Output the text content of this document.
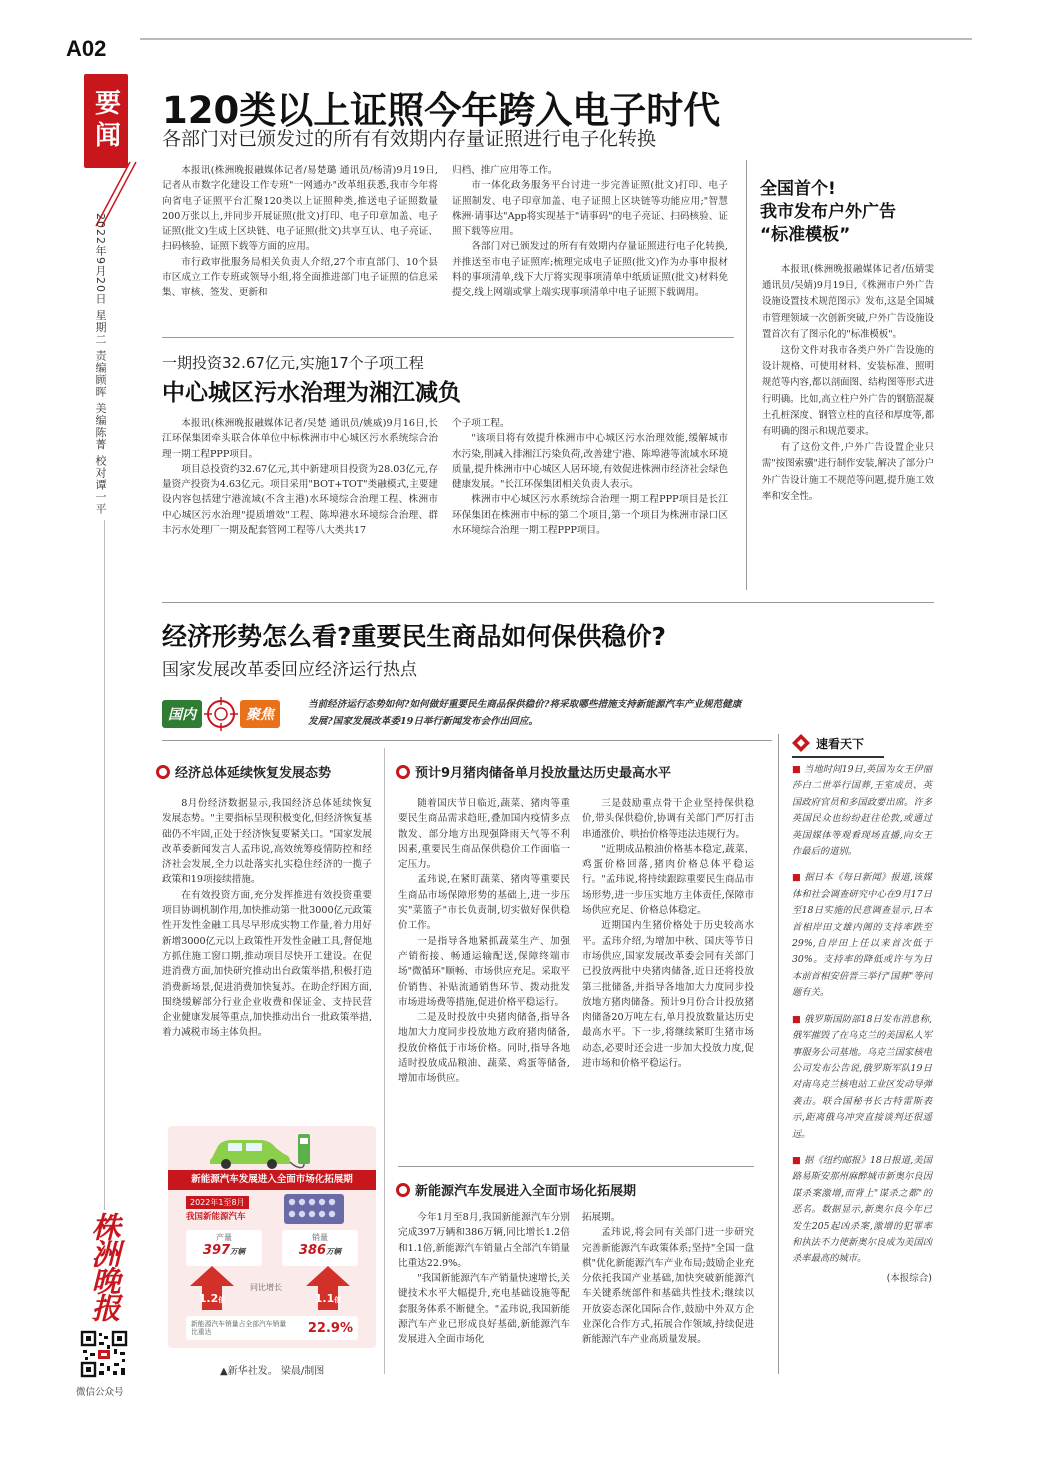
A02
要闻
2022年9月20日 星期二 责编顾晖 美编陈菁 校对谭一平
株洲晚报
微信公众号
120类以上证照今年跨入电子时代
各部门对已颁发过的所有有效期内存量证照进行电子化转换

本报讯(株洲晚报融媒体记者/易楚璐 通讯员/杨清)9月19日,记者从市数字化建设工作专班"一网通办"改革组获悉,我市今年将向省电子证照平台汇聚120类以上证照种类,推送电子证照数量200万张以上,并同步开展证照(批文)打印、电子印章加盖、电子证照(批文)生成上区块链、电子证照(批文)共享互认、电子亮证、扫码核验、证照下载等方面的应用。

市行政审批服务局相关负责人介绍,27个市直部门、10个县市区成立工作专班或领导小组,将全面推进部门电子证照的信息采集、审核、签发、更新和

归档、推广应用等工作。

市一体化政务服务平台讨进一步完善证照(批文)打印、电子证照制发、电子印章加盖、电子证照上区块链等功能应用;"智慧株洲·请事达"App将实现基于"请事码"的电子亮证、扫码核验、证照下载等应用。

各部门对已颁发过的所有有效期内存量证照进行电子化转换,并推送至市电子证照库;梳理完成电子证照(批文)作为办事申报材料的事项清单,线下大厅将实现事项清单中纸质证照(批文)材料免提交,线上网端或掌上端实现事项清单中电子证照下载调用。

一期投资32.67亿元,实施17个子项工程
中心城区污水治理为湘江减负

本报讯(株洲晚报融媒体记者/吴楚 通讯员/姚威)9月16日,长江环保集团牵头联合体单位中标株洲市中心城区污水系统综合治理一期工程PPP项目。

项目总投资约32.67亿元,其中新建项目投资为28.03亿元,存量资产投资为4.63亿元。项目采用"BOT+TOT"类融模式,主要建设内容包括建宁港流域(不含主港)水环境综合治理工程、株洲市中心城区污水治理"提质增效"工程、陈埠港水环境综合治理、群丰污水处理厂一期及配套管网工程等八大类共17

个子项工程。

"该项目将有效提升株洲市中心城区污水治理效能,缓解城市水污染,削减入排湘江污染负荷,改善建宁港、陈埠港等流域水环境质量,提升株洲市中心城区人居环境,有效促进株洲市经济社会绿色健康发展。"长江环保集团相关负责人表示。

株洲市中心城区污水系统综合治理一期工程PPP项目是长江环保集团在株洲市中标的第二个项目,第一个项目为株洲市渌口区水环境综合治理一期工程PPP项目。

全国首个!
我市发布户外广告
“标准模板”

本报讯(株洲晚报融媒体记者/伍婧雯 通讯员/吴婧)9月19日,《株洲市户外广告设施设置技术规范图示》发布,这是全国城市管理领域一次创新突破,户外广告设施设置首次有了图示化的"标准模板"。

这份文件对我市各类户外广告设施的设计规格、可使用材料、安装标准、照明规范等内容,都以剖面图、结构图等形式进行明确。比如,高立柱户外广告的钢筋混凝土孔桩深度、钢管立柱的直径和厚度等,都有明确的图示和规范要求。

有了这份文件,户外广告设置企业只需"按图索骥"进行制作安装,解决了部分户外广告设计施工不规范等问题,提升施工效率和安全性。

经济形势怎么看?重要民生商品如何保供稳价?
国家发展改革委回应经济运行热点
国内	聚焦
当前经济运行态势如何?如何做好重要民生商品保供稳价?将采取哪些措施支持新能源汽车产业规范健康发展?国家发展改革委19日举行新闻发布会作出回应。
经济总体延续恢复发展态势

8月份经济数据显示,我国经济总体延续恢复发展态势。"主要指标呈现积极变化,但经济恢复基础仍不牢固,正处于经济恢复要紧关口。"国家发展改革委新闻发言人孟玮说,高效统筹疫情防控和经济社会发展,全力以赴落实扎实稳住经济的一揽子政策和19项接续措施。

在有效投资方面,充分发挥推进有效投资重要项目协调机制作用,加快推动第一批3000亿元政策性开发性金融工具尽早形成实物工作量,着力用好新增3000亿元以上政策性开发性金融工具,督促地方抓住施工窗口期,推动项目尽快开工建设。在促进消费方面,加快研究推动出台政策举措,积极打造消费新场景,促进消费加快复苏。在助企纾困方面,围绕缓解部分行业企业收费和保证金、支持民营企业健康发展等重点,加快推动出台一批政策举措,着力减税市场主体负担。

新能源汽车发展进入全面市场化拓展期
2022年1至8月
我国新能源汽车
产量
397万辆
销量
386万辆
同比增长
1.2倍	1.1倍
新能源汽车销量占全部汽车销量比重达	22.9%
▲新华社发。 梁晨/制图
预计9月猪肉储备单月投放量达历史最高水平

随着国庆节日临近,蔬菜、猪肉等重要民生商品需求趋旺,叠加国内疫情多点散发、部分地方出现强降雨天气等不利因素,重要民生商品保供稳价工作面临一定压力。

孟玮说,在紧盯蔬菜、猪肉等重要民生商品市场保障形势的基础上,进一步压实"菜篮子"市长负责制,切实做好保供稳价工作。

一是指导各地紧抓蔬菜生产、加强产销衔接、畅通运输配送,保障终端市场"微循环"顺畅、市场供应充足。采取平价销售、补贴流通销售环节、拨动批发市场进场费等措施,促进价格平稳运行。

二是及时投放中央猪肉储备,指导各地加大力度同步投放地方政府猪肉储备,投放价格低于市场价格。同时,指导各地适时投放成品粮油、蔬菜、鸡蛋等储备,增加市场供应。

三是鼓励重点骨干企业坚持保供稳价,带头保供稳价,协调有关部门严厉打击串通涨价、哄抬价格等违法违规行为。

"近期成品粮油价格基本稳定,蔬菜、鸡蛋价格回落,猪肉价格总体平稳运行。"孟玮说,将持续跟踪重要民生商品市场形势,进一步压实地方主体责任,保障市场供应充足、价格总体稳定。

近期国内生猪价格处于历史较高水平。孟玮介绍,为增加中秋、国庆等节日市场供应,国家发展改革委会同有关部门已投放两批中央猪肉储备,近日还将投放第三批储备,并指导各地加大力度同步投放地方猪肉储备。预计9月份合计投放猪肉储备20万吨左右,单月投放数量达历史最高水平。下一步,将继续紧盯生猪市场动态,必要时还会进一步加大投放力度,促进市场和价格平稳运行。

新能源汽车发展进入全面市场化拓展期

今年1月至8月,我国新能源汽车分别完成397万辆和386万辆,同比增长1.2倍和1.1倍,新能源汽车销量占全部汽车销量比重达22.9%。

"我国新能源汽车产销量快速增长,关键技术水平大幅提升,充电基础设施等配套服务体系不断健全。"孟玮说,我国新能源汽车产业已形成良好基础,新能源汽车发展进入全面市场化

拓展期。

孟玮说,将会同有关部门进一步研究完善新能源汽车政策体系;坚持"全国一盘棋"优化新能源汽车产业布局;鼓励企业充分依托我国产业基础,加快突破新能源汽车关键系统部件和基础共性技术;继续以开放姿态深化国际合作,鼓励中外双方企业深化合作方式,拓展合作领域,持续促进新能源汽车产业高质量发展。

速看天下
■ 当地时间19日,英国为女王伊丽莎白二世举行国葬,王室成员、英国政府官员和多国政要出席。许多英国民众也纷纷赶往伦敦,或通过英国媒体等观看现场直播,向女王作最后的道别。
■ 据日本《每日新闻》报道,该媒体和社会调查研究中心在9月17日至18日实施的民意调查显示,日本首相岸田文雄内阁的支持率跌至29%,自岸田上任以来首次低于30%。支持率的降低或许与为日本前首相安倍晋三举行"国葬"等问题有关。
■ 俄罗斯国防部18日发布消息称,俄军摧毁了在乌克兰的美国私人军事服务公司基地。乌克兰国家核电公司发布公告说,俄罗斯军队19日对南乌克兰核电站工业区发动导弹袭击。联合国秘书长古特雷斯表示,距离俄乌冲突直接谈判还很遥远。
■ 据《纽约邮报》18日报道,美国路易斯安那州麻醉城市新奥尔良因谋杀案激增,而背上"谋杀之都"的恶名。数据显示,新奥尔良今年已发生205起凶杀案,激增的犯罪率和执法不力使新奥尔良成为美国凶杀率最高的城市。
(本报综合)
